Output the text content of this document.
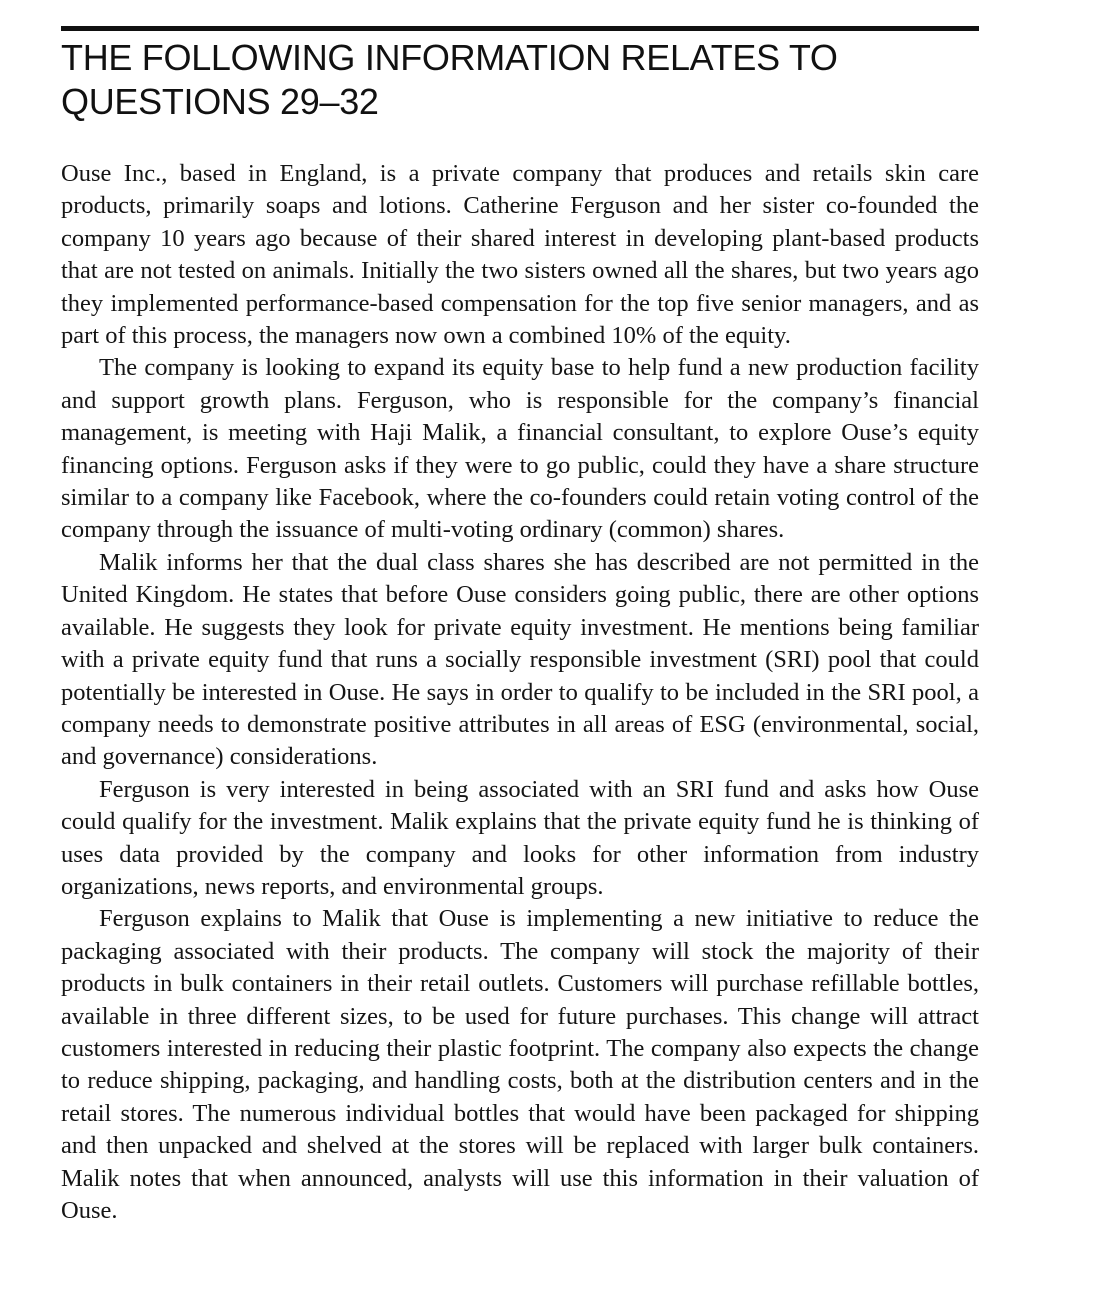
THE FOLLOWING INFORMATION RELATES TO
QUESTIONS 29–32

Ouse Inc., based in England, is a private company that produces and retails skin care products, primarily soaps and lotions. Catherine Ferguson and her sister co-founded the company 10 years ago because of their shared interest in developing plant-based products that are not tested on animals. Initially the two sisters owned all the shares, but two years ago they implemented performance-based compensation for the top five senior managers, and as part of this process, the managers now own a combined 10% of the equity.

The company is looking to expand its equity base to help fund a new production facility and support growth plans. Ferguson, who is responsible for the company’s financial management, is meeting with Haji Malik, a financial consultant, to explore Ouse’s equity financing options. Ferguson asks if they were to go public, could they have a share structure similar to a company like Facebook, where the co-founders could retain voting control of the company through the issuance of multi-voting ordinary (common) shares.

Malik informs her that the dual class shares she has described are not permitted in the United Kingdom. He states that before Ouse considers going public, there are other options available. He suggests they look for private equity investment. He mentions being familiar with a private equity fund that runs a socially responsible investment (SRI) pool that could potentially be interested in Ouse. He says in order to qualify to be included in the SRI pool, a company needs to demonstrate positive attributes in all areas of ESG (environmental, social, and governance) considerations.

Ferguson is very interested in being associated with an SRI fund and asks how Ouse could qualify for the investment. Malik explains that the private equity fund he is thinking of uses data provided by the company and looks for other information from industry organizations, news reports, and environmental groups.

Ferguson explains to Malik that Ouse is implementing a new initiative to reduce the packaging associated with their products. The company will stock the majority of their products in bulk containers in their retail outlets. Customers will purchase refillable bottles, available in three different sizes, to be used for future purchases. This change will attract customers interested in reducing their plastic footprint. The company also expects the change to reduce shipping, packaging, and handling costs, both at the distribution centers and in the retail stores. The numerous individual bottles that would have been packaged for shipping and then unpacked and shelved at the stores will be replaced with larger bulk containers. Malik notes that when announced, analysts will use this information in their valuation of Ouse.
